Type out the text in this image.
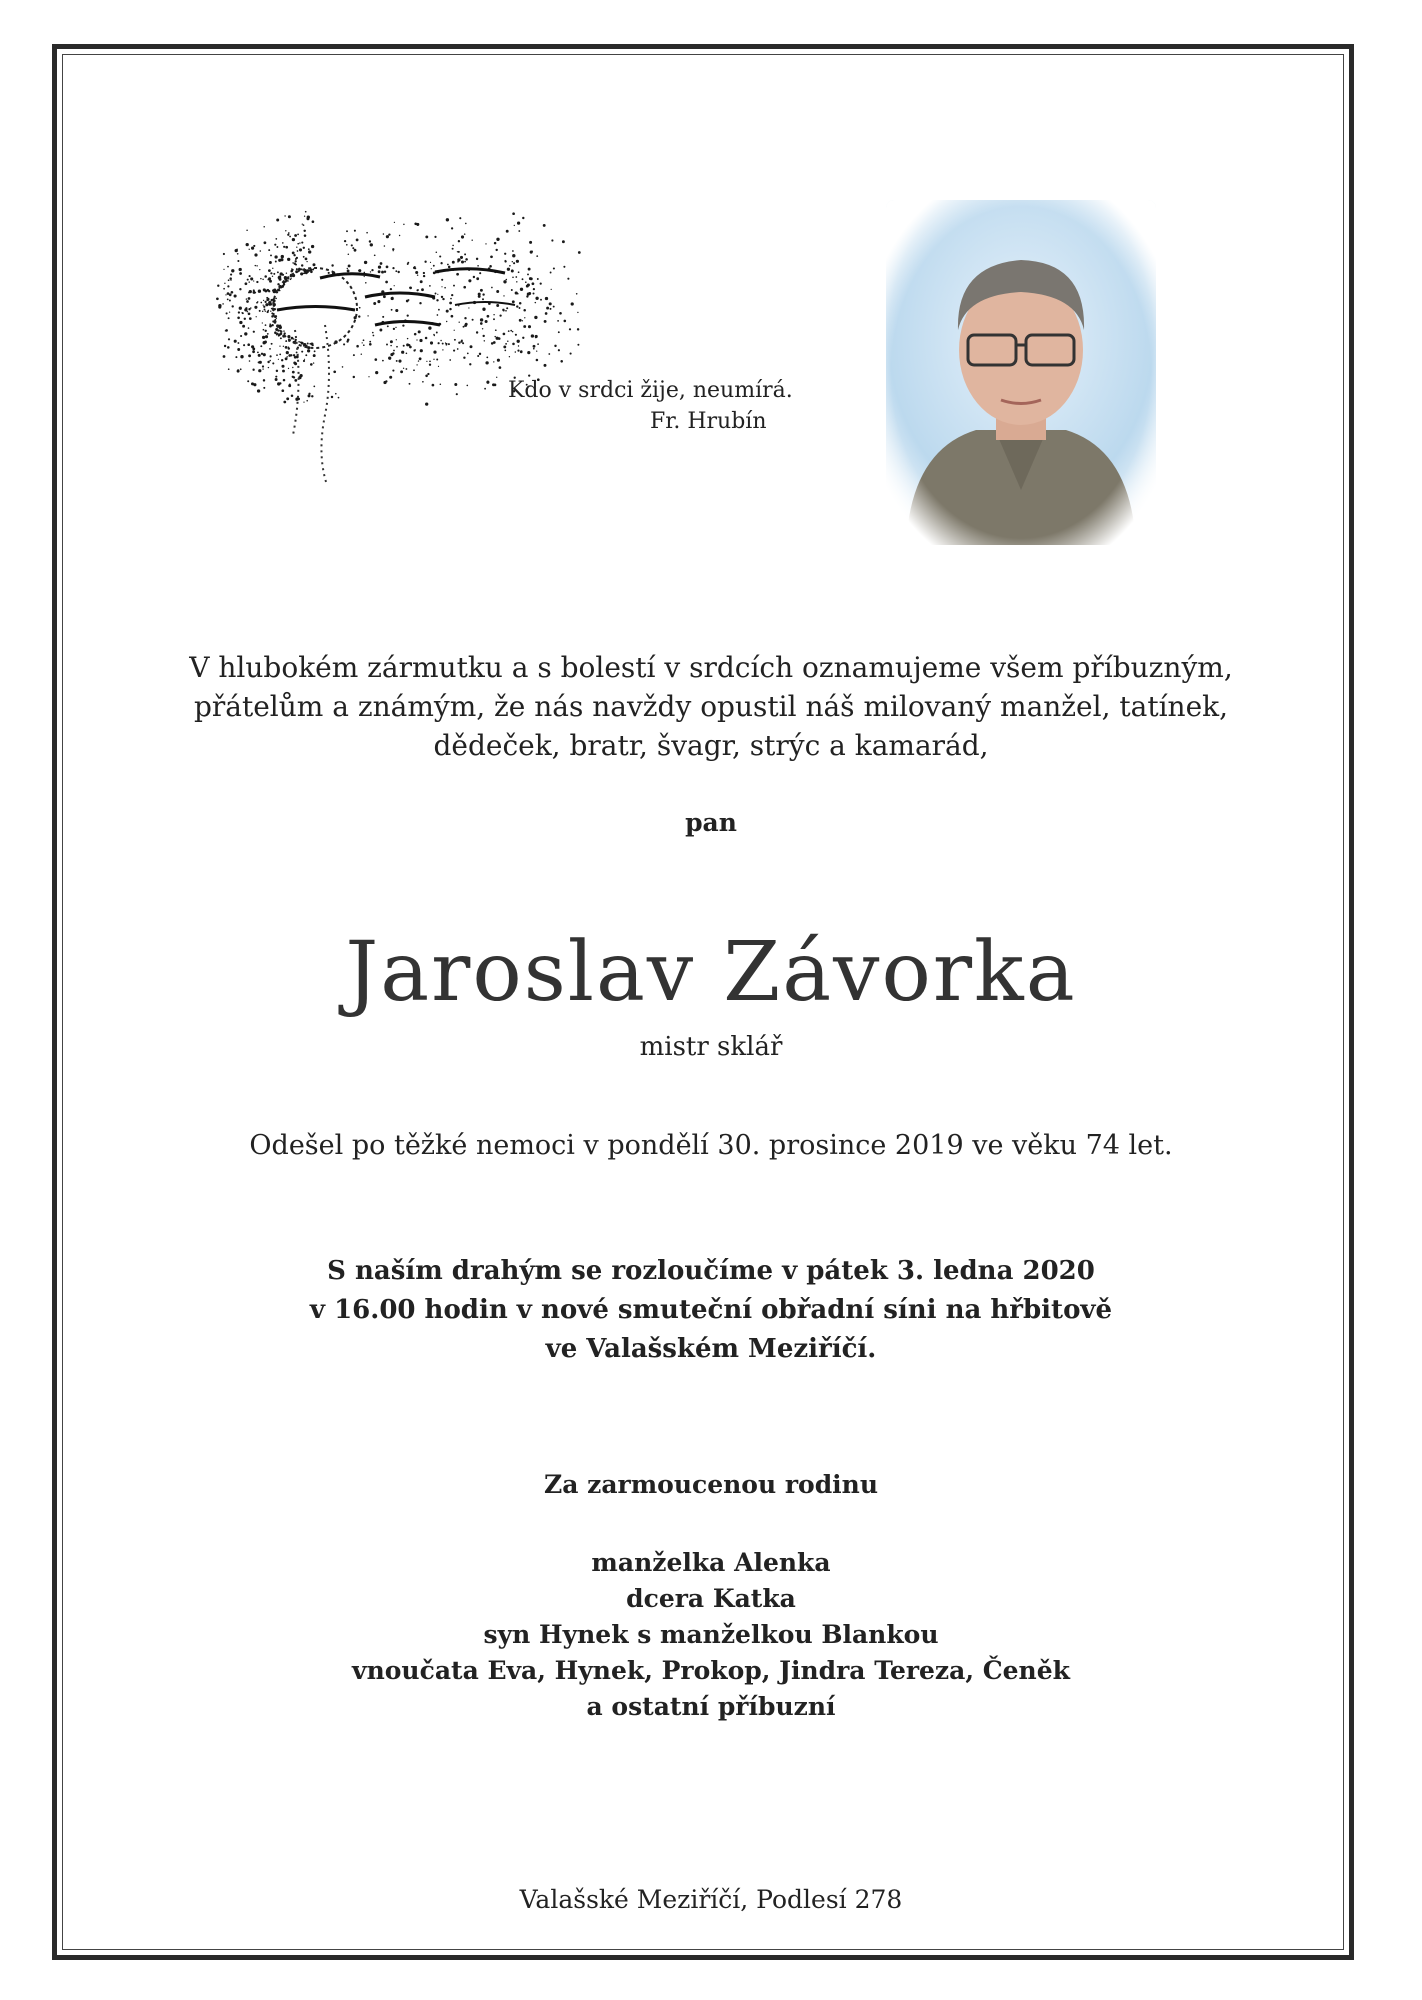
Kdo v srdci žije, neumírá.
Fr. Hrubín
V hlubokém zármutku a s bolestí v srdcích oznamujeme všem příbuzným,
přátelům a známým, že nás navždy opustil náš milovaný manžel, tatínek,
dědeček, bratr, švagr, strýc a kamarád,
pan
Jaroslav Závorka
mistr sklář
Odešel po těžké nemoci v pondělí 30. prosince 2019 ve věku 74 let.
S naším drahým se rozloučíme v pátek 3. ledna 2020
v 16.00 hodin v nové smuteční obřadní síni na hřbitově
ve Valašském Meziříčí.
Za zarmoucenou rodinu
manželka Alenka
dcera Katka
syn Hynek s manželkou Blankou
vnoučata Eva, Hynek, Prokop, Jindra Tereza, Čeněk
a ostatní příbuzní
Valašské Meziříčí, Podlesí 278
